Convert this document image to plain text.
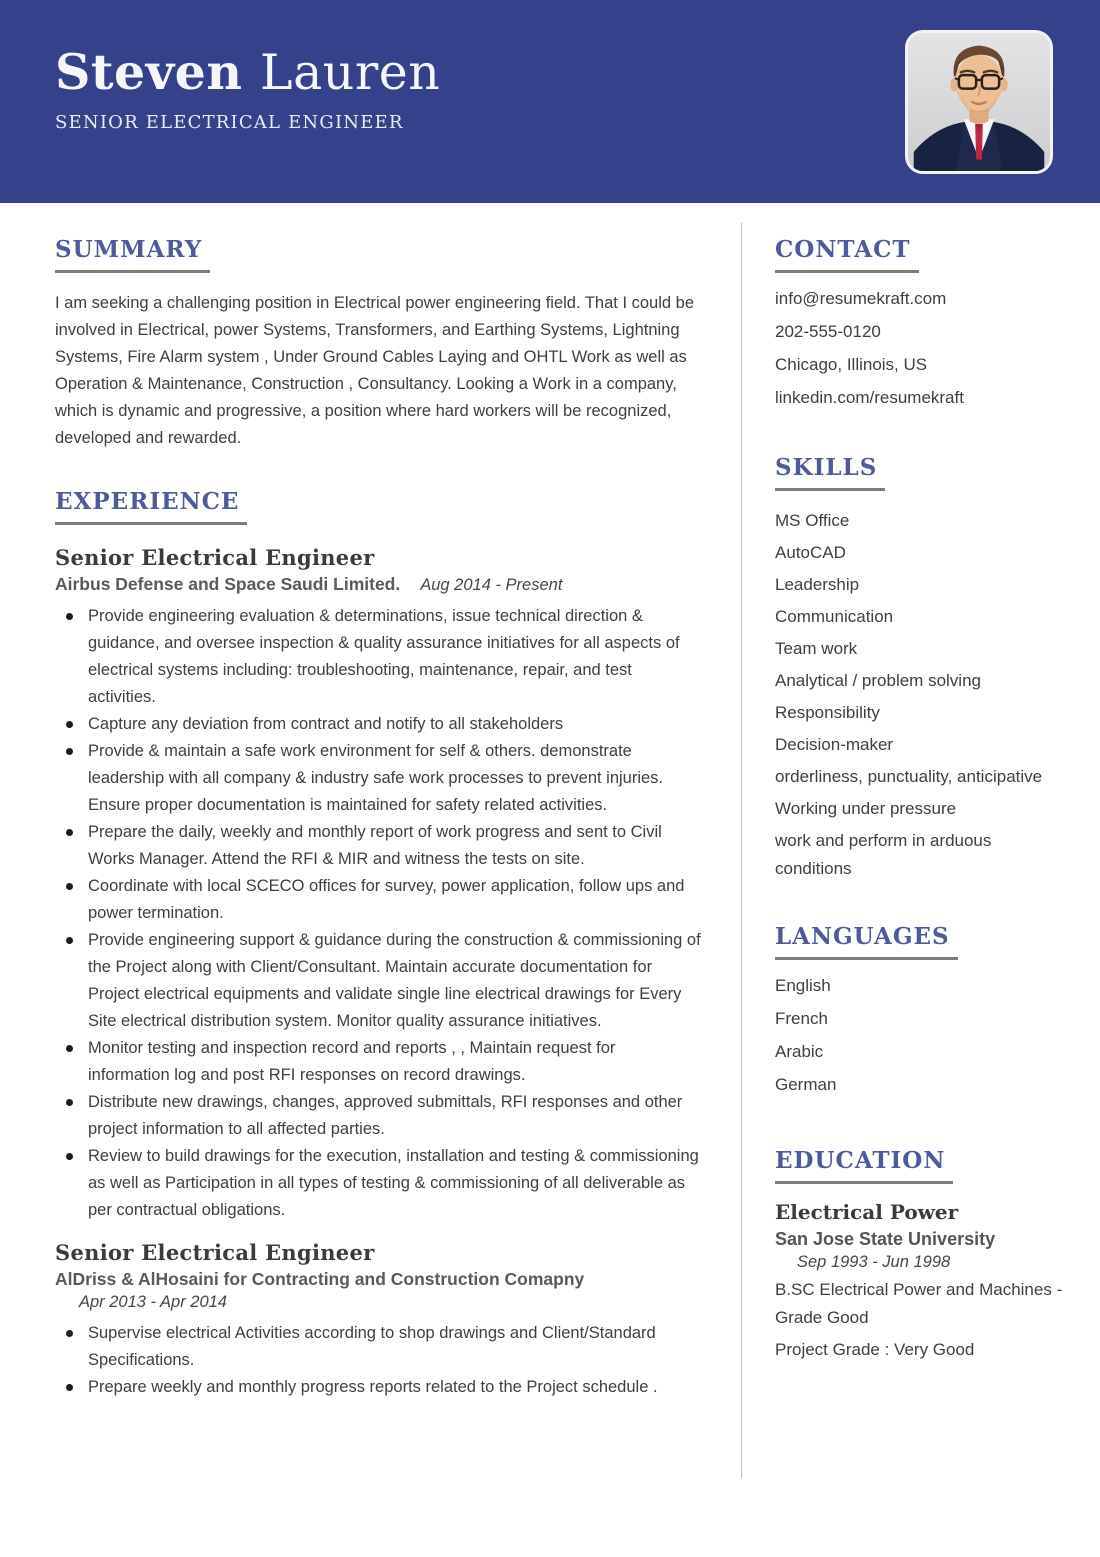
Steven Lauren
SENIOR ELECTRICAL ENGINEER
SUMMARY

I am seeking a challenging position in Electrical power engineering field. That I could be involved in Electrical, power Systems, Transformers, and Earthing Systems, Lightning Systems, Fire Alarm system , Under Ground Cables Laying and OHTL Work as well as Operation & Maintenance, Construction , Consultancy. Looking a Work in a company, which is dynamic and progressive, a position where hard workers will be recognized, developed and rewarded.

EXPERIENCE
Senior Electrical Engineer
Airbus Defense and Space Saudi Limited. Aug 2014 - Present
Provide engineering evaluation & determinations, issue technical direction & guidance, and oversee inspection & quality assurance initiatives for all aspects of electrical systems including: troubleshooting, maintenance, repair, and test activities.
Capture any deviation from contract and notify to all stakeholders
Provide & maintain a safe work environment for self & others. demonstrate leadership with all company & industry safe work processes to prevent injuries. Ensure proper documentation is maintained for safety related activities.
Prepare the daily, weekly and monthly report of work progress and sent to Civil Works Manager. Attend the RFI & MIR and witness the tests on site.
Coordinate with local SCECO offices for survey, power application, follow ups and power termination.
Provide engineering support & guidance during the construction & commissioning of the Project along with Client/Consultant. Maintain accurate documentation for Project electrical equipments and validate single line electrical drawings for Every Site electrical distribution system. Monitor quality assurance initiatives.
Monitor testing and inspection record and reports , , Maintain request for information log and post RFI responses on record drawings.
Distribute new drawings, changes, approved submittals, RFI responses and other project information to all affected parties.
Review to build drawings for the execution, installation and testing & commissioning as well as Participation in all types of testing & commissioning of all deliverable as per contractual obligations.
Senior Electrical Engineer
AlDriss & AlHosaini for Contracting and Construction Comapny
Apr 2013 - Apr 2014
Supervise electrical Activities according to shop drawings and Client/Standard Specifications.
Prepare weekly and monthly progress reports related to the Project schedule .
CONTACT
info@resumekraft.com
202-555-0120
Chicago, Illinois, US
linkedin.com/resumekraft
SKILLS
MS Office
AutoCAD
Leadership
Communication
Team work
Analytical / problem solving
Responsibility
Decision-maker
orderliness, punctuality, anticipative
Working under pressure
work and perform in arduous conditions
LANGUAGES
English
French
Arabic
German
EDUCATION
Electrical Power
San Jose State University
Sep 1993 - Jun 1998
B.SC Electrical Power and Machines - Grade Good
Project Grade : Very Good
